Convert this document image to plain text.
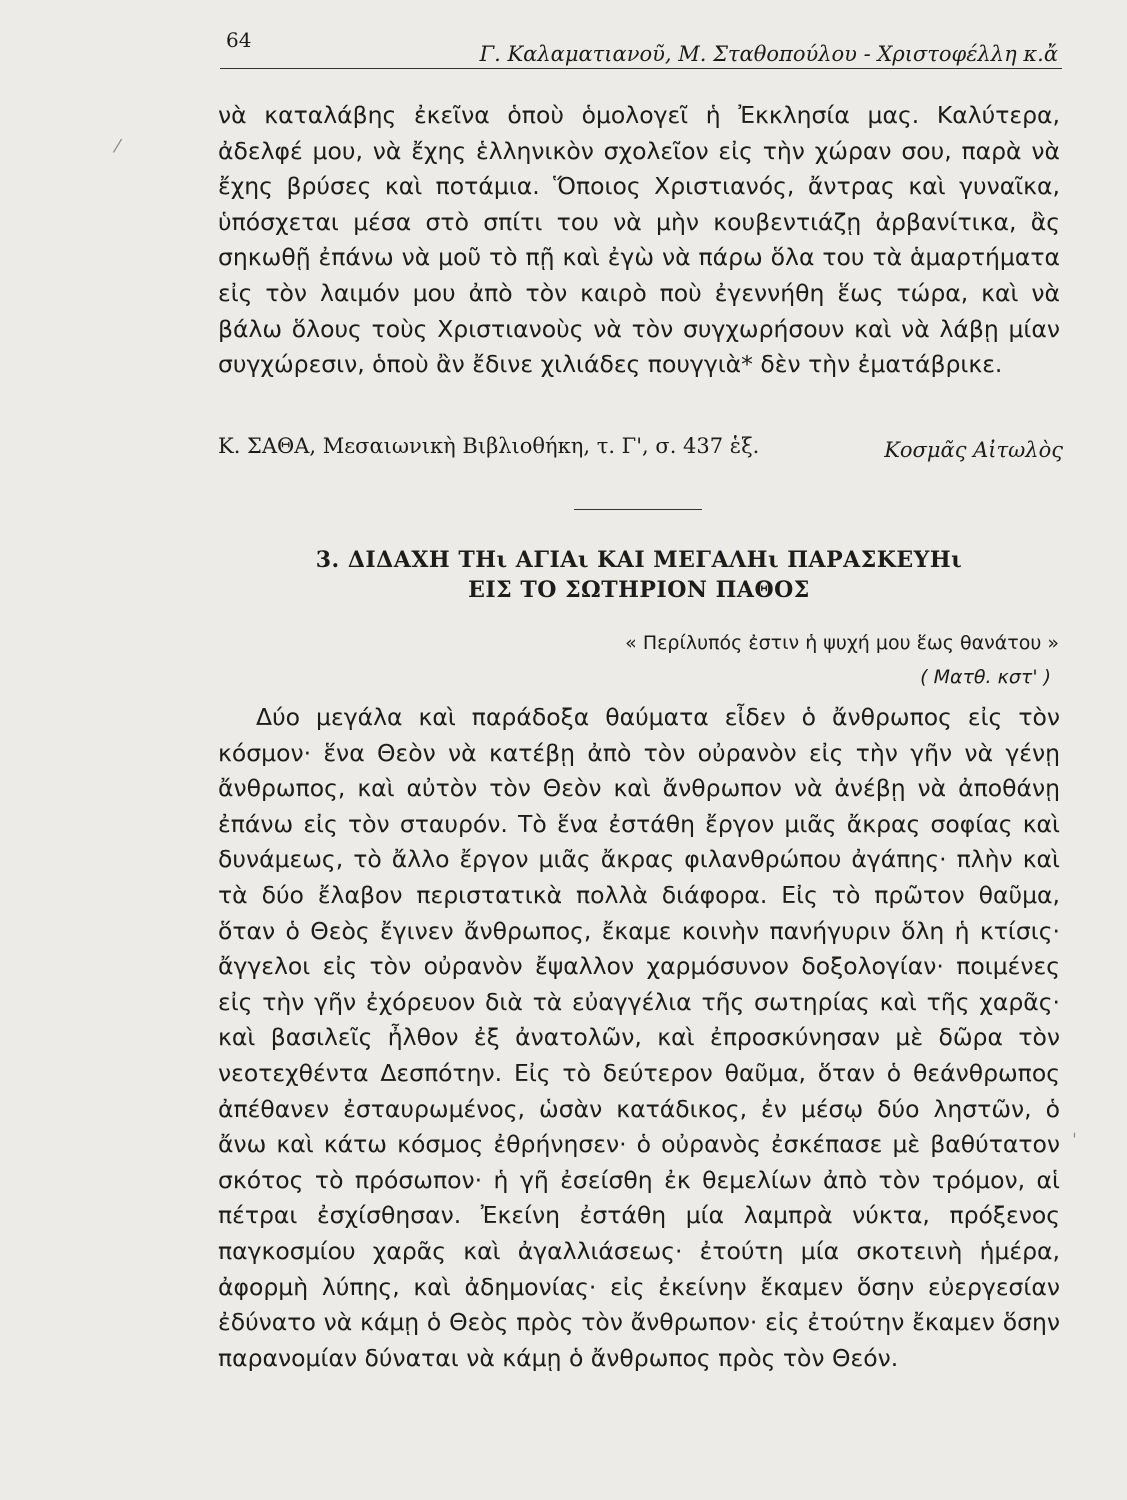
64
Γ. Καλαματιανοῦ, Μ. Σταθοπούλου - Χριστοφέλλη κ.ἄ

νὰ καταλάβης ἐκεῖνα ὁποὺ ὁμολογεῖ ἡ Ἐκκλησία μας. Καλύτερα, ἀδελφέ μου, νὰ ἔχης ἑλληνικὸν σχολεῖον εἰς τὴν χώραν σου, παρὰ νὰ ἔχης βρύσες καὶ ποτάμια. Ὅποιος Χριστιανός, ἄντρας καὶ γυναῖκα, ὑπόσχεται μέσα στὸ σπίτι του νὰ μὴν κουβεντιάζῃ ἀρβανίτικα, ἂς σηκωθῇ ἐπάνω νὰ μοῦ τὸ πῇ καὶ ἐγὼ νὰ πάρω ὅλα του τὰ ἁμαρτήματα εἰς τὸν λαιμόν μου ἀπὸ τὸν καιρὸ ποὺ ἐγεννήθη ἕως τώρα, καὶ νὰ βάλω ὅλους τοὺς Χριστιανοὺς νὰ τὸν συγχωρήσουν καὶ νὰ λάβῃ μίαν συγχώρεσιν, ὁποὺ ἂν ἔδινε χιλιάδες πουγγιὰ* δὲν τὴν ἐματάβρικε.

Κ. ΣΑΘΑ, Μεσαιωνικὴ Βιβλιοθήκη, τ. Γ', σ. 437 ἑξ.	Κοσμᾶς Αἰτωλὸς
3. ΔΙΔΑΧΗ ΤΗι ΑΓΙΑι ΚΑΙ ΜΕΓΑΛΗι ΠΑΡΑΣΚΕΥΗι
ΕΙΣ ΤΟ ΣΩΤΗΡΙΟΝ ΠΑΘΟΣ
« Περίλυπός ἐστιν ἡ ψυχή μου ἕως θανάτου »
( Ματθ. κστ' )

Δύο μεγάλα καὶ παράδοξα θαύματα εἶδεν ὁ ἄνθρωπος εἰς τὸν κόσμον· ἕνα Θεὸν νὰ κατέβῃ ἀπὸ τὸν οὐρανὸν εἰς τὴν γῆν νὰ γένῃ ἄνθρωπος, καὶ αὐτὸν τὸν Θεὸν καὶ ἄνθρωπον νὰ ἀνέβῃ νὰ ἀποθάνῃ ἐπάνω εἰς τὸν σταυρόν. Τὸ ἕνα ἐστάθη ἔργον μιᾶς ἄκρας σοφίας καὶ δυνάμεως, τὸ ἄλλο ἔργον μιᾶς ἄκρας φιλανθρώπου ἀγάπης· πλὴν καὶ τὰ δύο ἔλαβον περιστατικὰ πολλὰ διάφορα. Εἰς τὸ πρῶτον θαῦμα, ὅταν ὁ Θεὸς ἔγινεν ἄνθρωπος, ἔκαμε κοινὴν πανήγυριν ὅλη ἡ κτίσις· ἄγγελοι εἰς τὸν οὐρανὸν ἔψαλλον χαρμόσυνον δοξολογίαν· ποιμένες εἰς τὴν γῆν ἐχόρευον διὰ τὰ εὐαγγέλια τῆς σωτηρίας καὶ τῆς χαρᾶς· καὶ βασιλεῖς ἦλθον ἐξ ἀνατολῶν, καὶ ἐπροσκύνησαν μὲ δῶρα τὸν νεοτεχθέντα Δεσπότην. Εἰς τὸ δεύτερον θαῦμα, ὅταν ὁ θεάνθρωπος ἀπέθανεν ἐσταυρωμένος, ὡσὰν κατάδικος, ἐν μέσῳ δύο ληστῶν, ὁ ἄνω καὶ κάτω κόσμος ἐθρήνησεν· ὁ οὐρανὸς ἐσκέπασε μὲ βαθύτατον σκότος τὸ πρόσωπον· ἡ γῆ ἐσείσθη ἐκ θεμελίων ἀπὸ τὸν τρόμον, αἱ πέτραι ἐσχίσθησαν. Ἐκείνη ἐστάθη μία λαμπρὰ νύκτα, πρόξενος παγκοσμίου χαρᾶς καὶ ἀγαλλιάσεως· ἐτούτη μία σκοτεινὴ ἡμέρα, ἀφορμὴ λύπης, καὶ ἀδημονίας· εἰς ἐκείνην ἔκαμεν ὅσην εὐεργεσίαν ἐδύνατο νὰ κάμῃ ὁ Θεὸς πρὸς τὸν ἄνθρωπον· εἰς ἐτούτην ἔκαμεν ὅσην παρανομίαν δύναται νὰ κάμῃ ὁ ἄνθρωπος πρὸς τὸν Θεόν.

⁄
ˈ
